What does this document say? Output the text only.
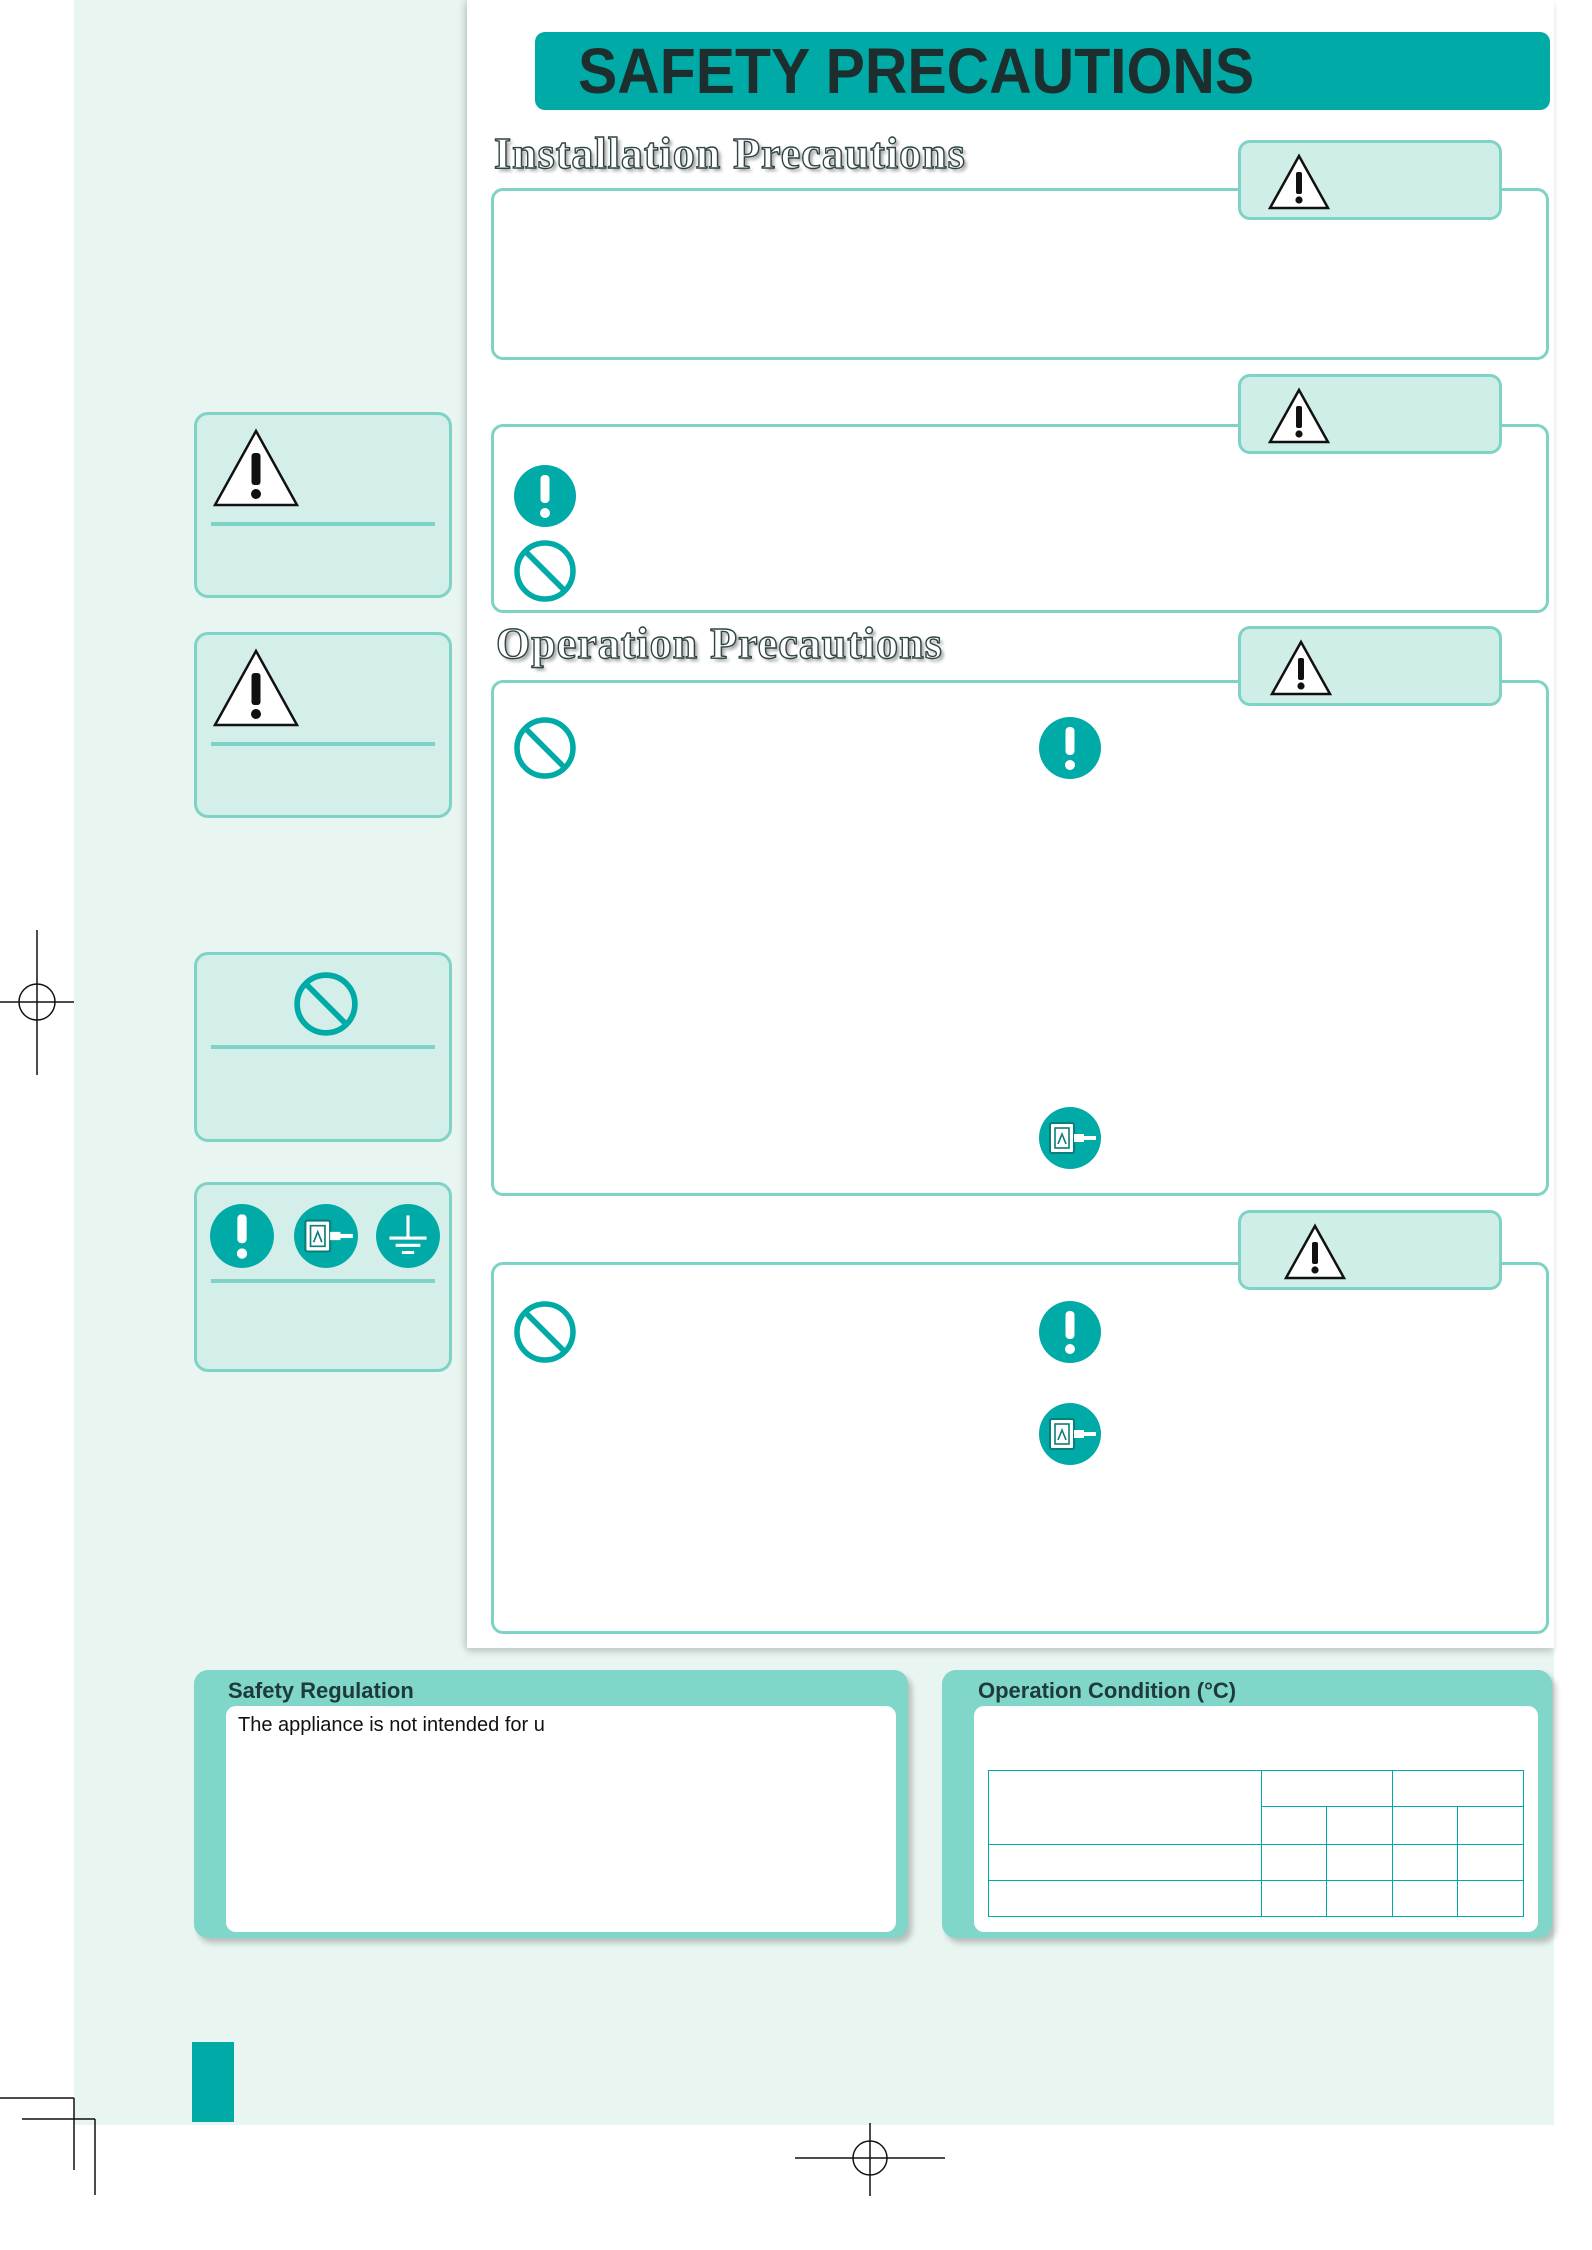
SAFETY PRECAUTIONS
Installation Precautions
Operation Precautions
Safety Regulation
The appliance is not intended for u
Operation Condition (°C)
